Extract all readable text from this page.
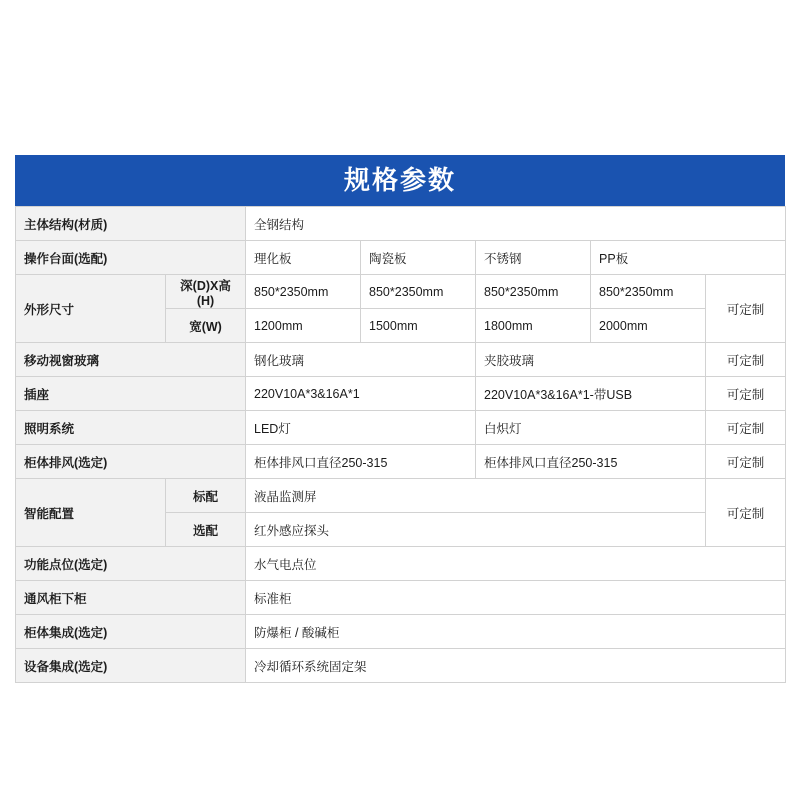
规格参数
主体结构(材质)		全钢结构				
操作台面(选配)		理化板	陶瓷板	不锈钢	PP板	
外形尺寸	深(D)X高(H)	850*2350mm	850*2350mm	850*2350mm	850*2350mm	可定制
	宽(W)	1200mm	1500mm	1800mm	2000mm	
移动视窗玻璃		钢化玻璃		夹胶玻璃		可定制
插座		220V10A*3&16A*1		220V10A*3&16A*1-带USB		可定制
照明系统		LED灯		白炽灯		可定制
柜体排风(选定)		柜体排风口直径250-315		柜体排风口直径250-315		可定制
智能配置	标配	液晶监测屏				可定制
	选配	红外感应探头				
功能点位(选定)		水气电点位				
通风柜下柜		标准柜				
柜体集成(选定)		防爆柜 / 酸碱柜				
设备集成(选定)		冷却循环系统固定架				
